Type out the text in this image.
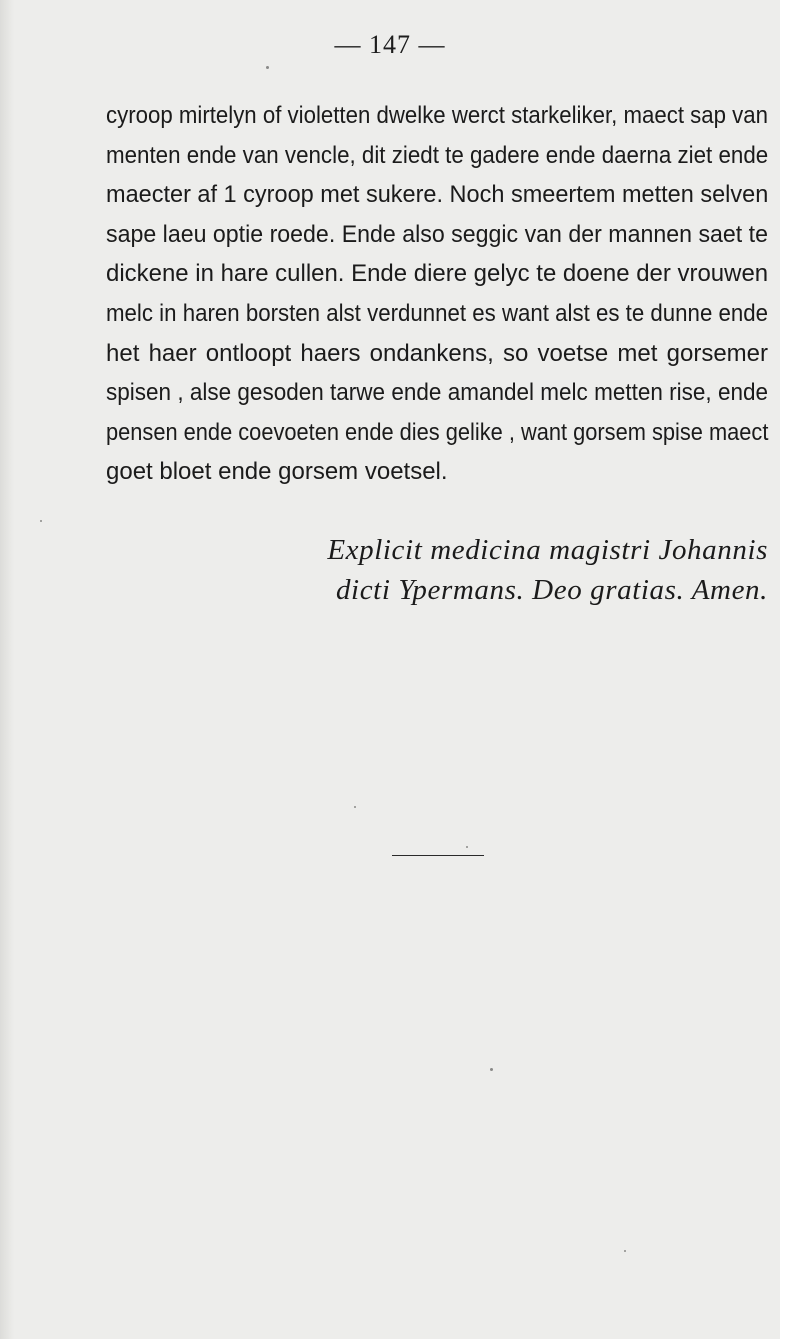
— 147 —
cyroop mirtelyn of violetten dwelke werct starkeliker, maect sap van
menten ende van vencle, dit ziedt te gadere ende daerna ziet ende
maecter af 1 cyroop met sukere. Noch smeertem metten selven
sape laeu optie roede. Ende also seggic van der mannen saet te
dickene in hare cullen. Ende diere gelyc te doene der vrouwen
melc in haren borsten alst verdunnet es want alst es te dunne ende
het haer ontloopt haers ondankens, so voetse met gorsemer
spisen , alse gesoden tarwe ende amandel melc metten rise, ende
pensen ende coevoeten ende dies gelike , want gorsem spise maect
goet bloet ende gorsem voetsel.
Explicit medicina magistri Johannis
dicti Ypermans. Deo gratias. Amen.
